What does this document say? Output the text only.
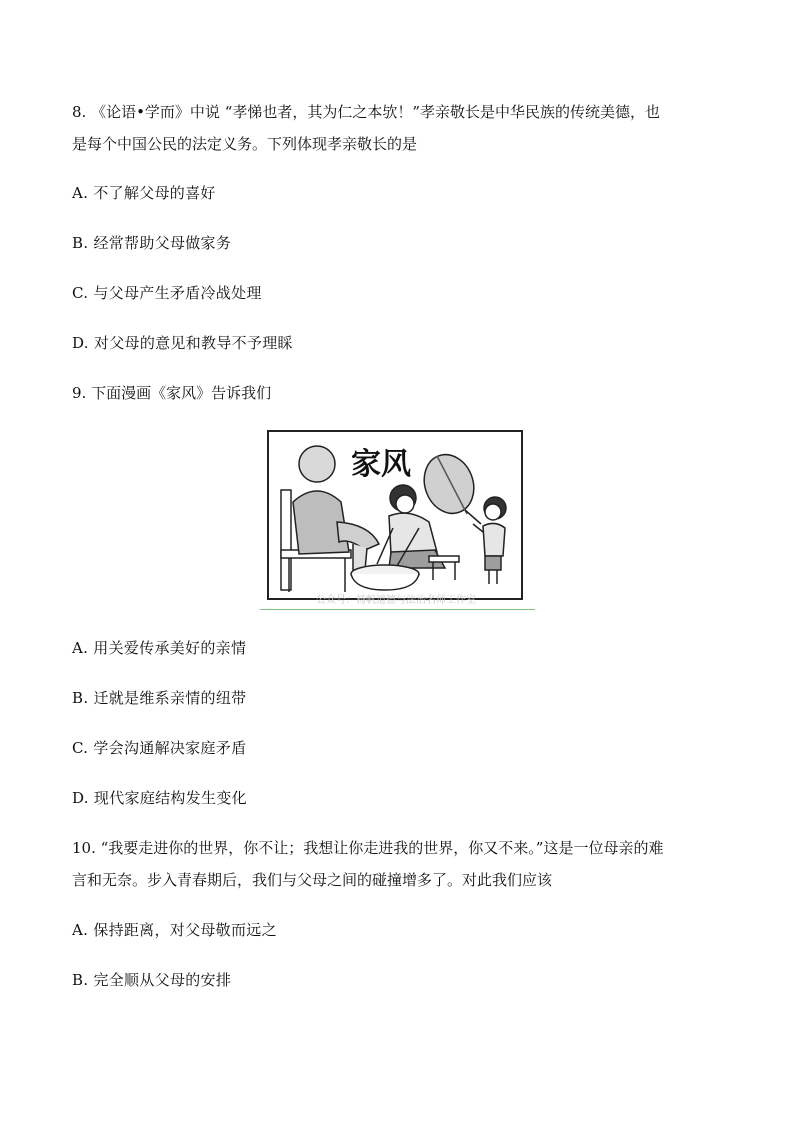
8. 《论语•学而》中说 “孝悌也者，其为仁之本欤！”孝亲敬长是中华民族的传统美德，也
是每个中国公民的法定义务。下列体现孝亲敬长的是
A. 不了解父母的喜好
B. 经常帮助父母做家务
C. 与父母产生矛盾冷战处理
D. 对父母的意见和教导不予理睬
9. 下面漫画《家风》告诉我们
家风
公众号：杨帆道德与法治名师工作室
A. 用关爱传承美好的亲情
B. 迁就是维系亲情的纽带
C. 学会沟通解决家庭矛盾
D. 现代家庭结构发生变化
10. “我要走进你的世界，你不让；我想让你走进我的世界，你又不来。”这是一位母亲的难
言和无奈。步入青春期后，我们与父母之间的碰撞增多了。对此我们应该
A. 保持距离，对父母敬而远之
B. 完全顺从父母的安排
